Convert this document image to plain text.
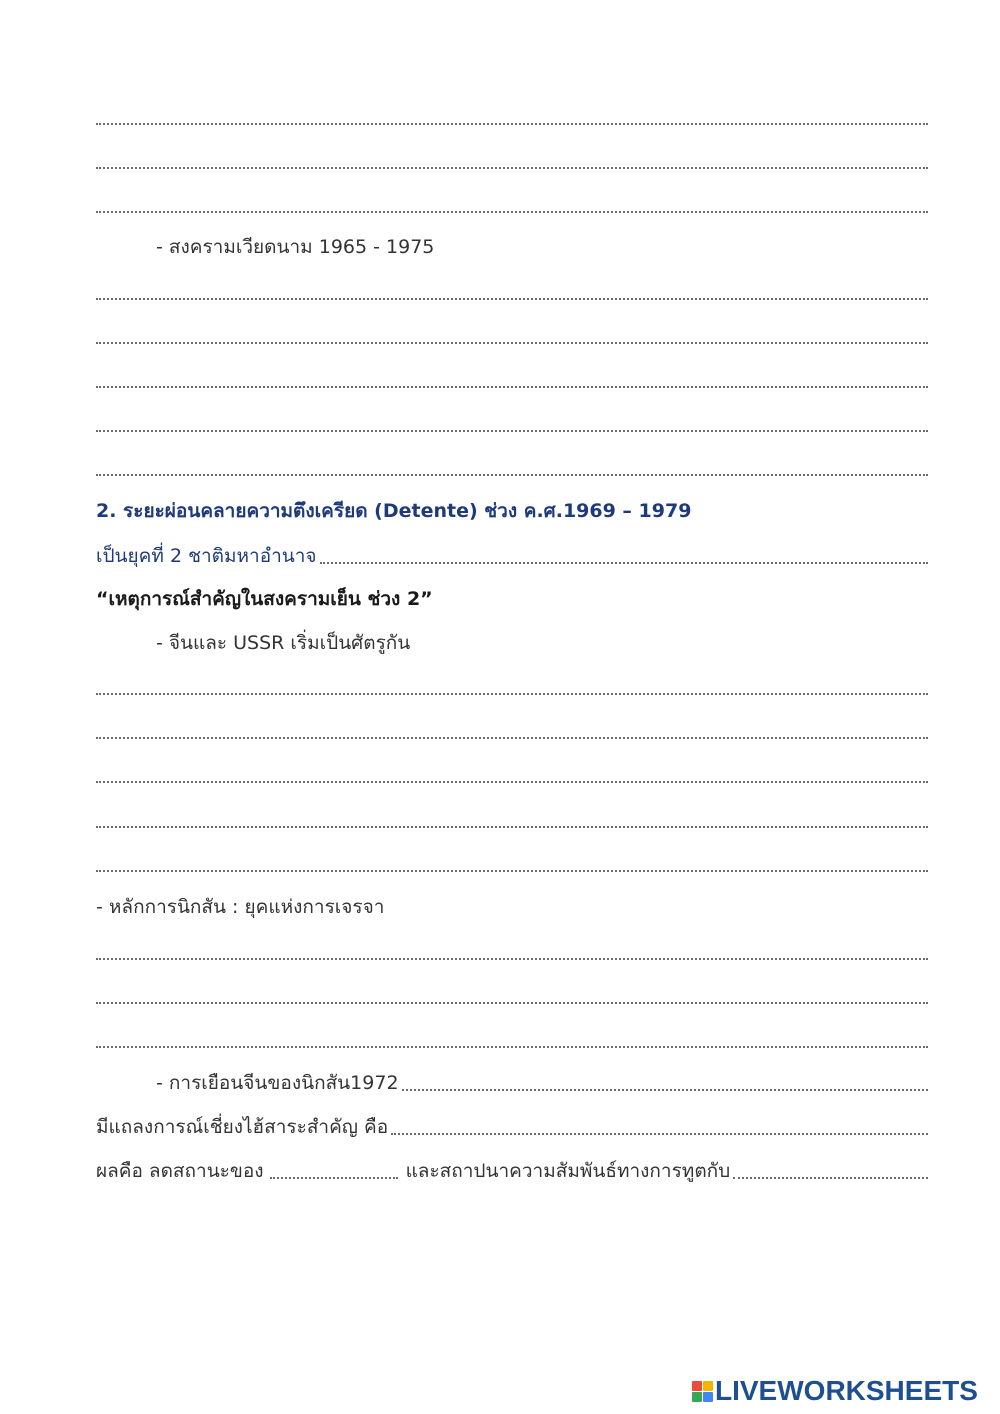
- สงครามเวียดนาม 1965 - 1975
2. ระยะผ่อนคลายความตึงเครียด (Detente) ช่วง ค.ศ.1969 – 1979
เป็นยุคที่ 2 ชาติมหาอำนาจ
“เหตุการณ์สำคัญในสงครามเย็น ช่วง 2”
- จีนและ USSR เริ่มเป็นศัตรูกัน
- หลักการนิกสัน : ยุคแห่งการเจรจา
- การเยือนจีนของนิกสัน1972
มีแถลงการณ์เชี่ยงไฮ้สาระสำคัญ คือ
ผลคือ ลดสถานะของ	และสถาปนาความสัมพันธ์ทางการทูตกับ
LIVEWORKSHEETS
